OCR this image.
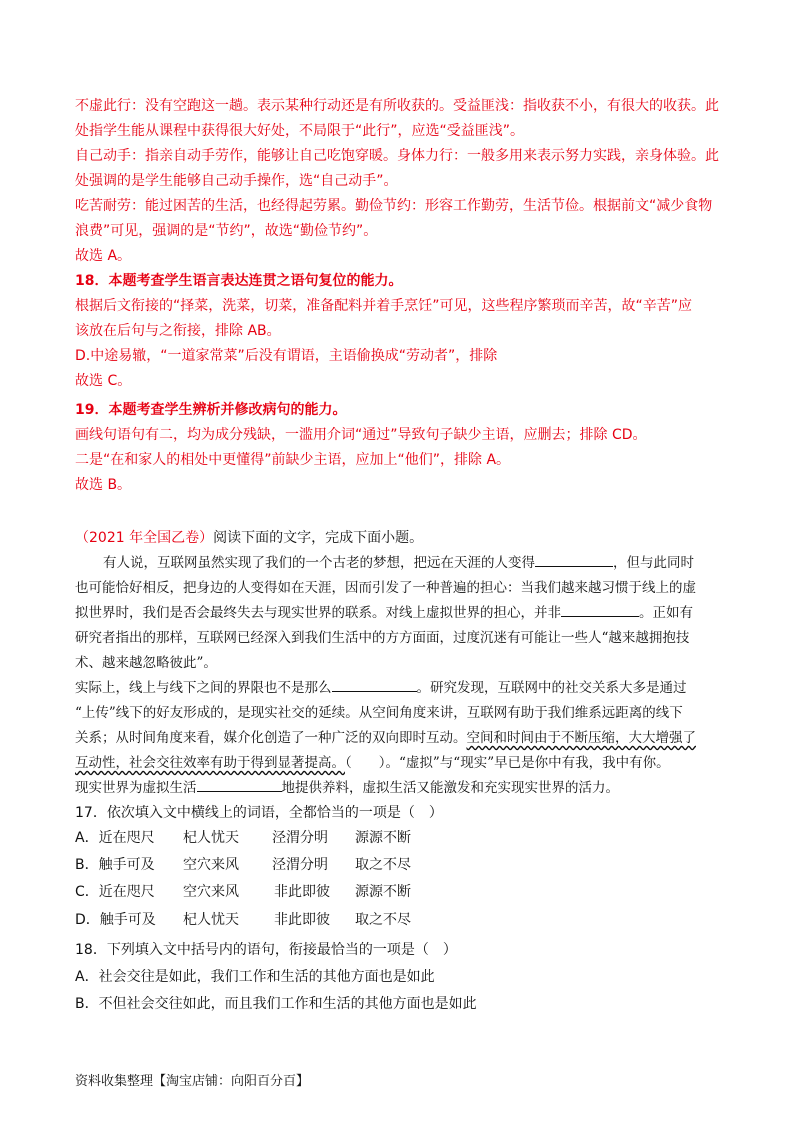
不虚此行：没有空跑这一趟。表示某种行动还是有所收获的。受益匪浅：指收获不小，有很大的收获。此
处指学生能从课程中获得很大好处，不局限于“此行”，应选“受益匪浅”。
自己动手：指亲自动手劳作，能够让自己吃饱穿暖。身体力行：一般多用来表示努力实践，亲身体验。此
处强调的是学生能够自己动手操作，选“自己动手”。
吃苦耐劳：能过困苦的生活，也经得起劳累。勤俭节约：形容工作勤劳，生活节俭。根据前文“减少食物
浪费”可见，强调的是“节约”，故选“勤俭节约”。
故选 A。
18．本题考查学生语言表达连贯之语句复位的能力。
根据后文衔接的“择菜，洗菜，切菜，准备配料并着手烹饪”可见，这些程序繁琐而辛苦，故“辛苦”应
该放在后句与之衔接，排除 AB。
D.中途易辙，“一道家常菜”后没有谓语，主语偷换成“劳动者”，排除
故选 C。
19．本题考查学生辨析并修改病句的能力。
画线句语句有二，均为成分残缺，一滥用介词“通过”导致句子缺少主语，应删去；排除 CD。
二是“在和家人的相处中更懂得”前缺少主语，应加上“他们”，排除 A。
故选 B。
（2021 年全国乙卷）阅读下面的文字，完成下面小题。
有人说，互联网虽然实现了我们的一个古老的梦想，把远在天涯的人变得	，但与此同时
也可能恰好相反，把身边的人变得如在天涯，因而引发了一种普遍的担心：当我们越来越习惯于线上的虚
拟世界时，我们是否会最终失去与现实世界的联系。对线上虚拟世界的担心，并非	。正如有
研究者指出的那样，互联网已经深入到我们生活中的方方面面，过度沉迷有可能让一些人“越来越拥抱技
术、越来越忽略彼此”。
实际上，线上与线下之间的界限也不是那么	。研究发现，互联网中的社交关系大多是通过
“上传”线下的好友形成的，是现实社交的延续。从空间角度来讲，互联网有助于我们维系远距离的线下
关系；从时间角度来看，媒介化创造了一种广泛的双向即时互动。空间和时间由于不断压缩，大大增强了
互动性，社会交往效率有助于得到显著提高。（　　）。“虚拟”与“现实”早已是你中有我，我中有你。
现实世界为虚拟生活	地提供养料，虚拟生活又能激发和充实现实世界的活力。
17．依次填入文中横线上的词语，全都恰当的一项是（　）
A．近在咫尺 杞人忧天 泾渭分明 源源不断
B．触手可及 空穴来风 泾渭分明 取之不尽
C．近在咫尺 空穴来风	非此即彼 源源不断
D．触手可及 杞人忧天	非此即彼 取之不尽
18．下列填入文中括号内的语句，衔接最恰当的一项是（　）
A．社会交往是如此，我们工作和生活的其他方面也是如此
B．不但社会交往如此，而且我们工作和生活的其他方面也是如此
资料收集整理【淘宝店铺：向阳百分百】
